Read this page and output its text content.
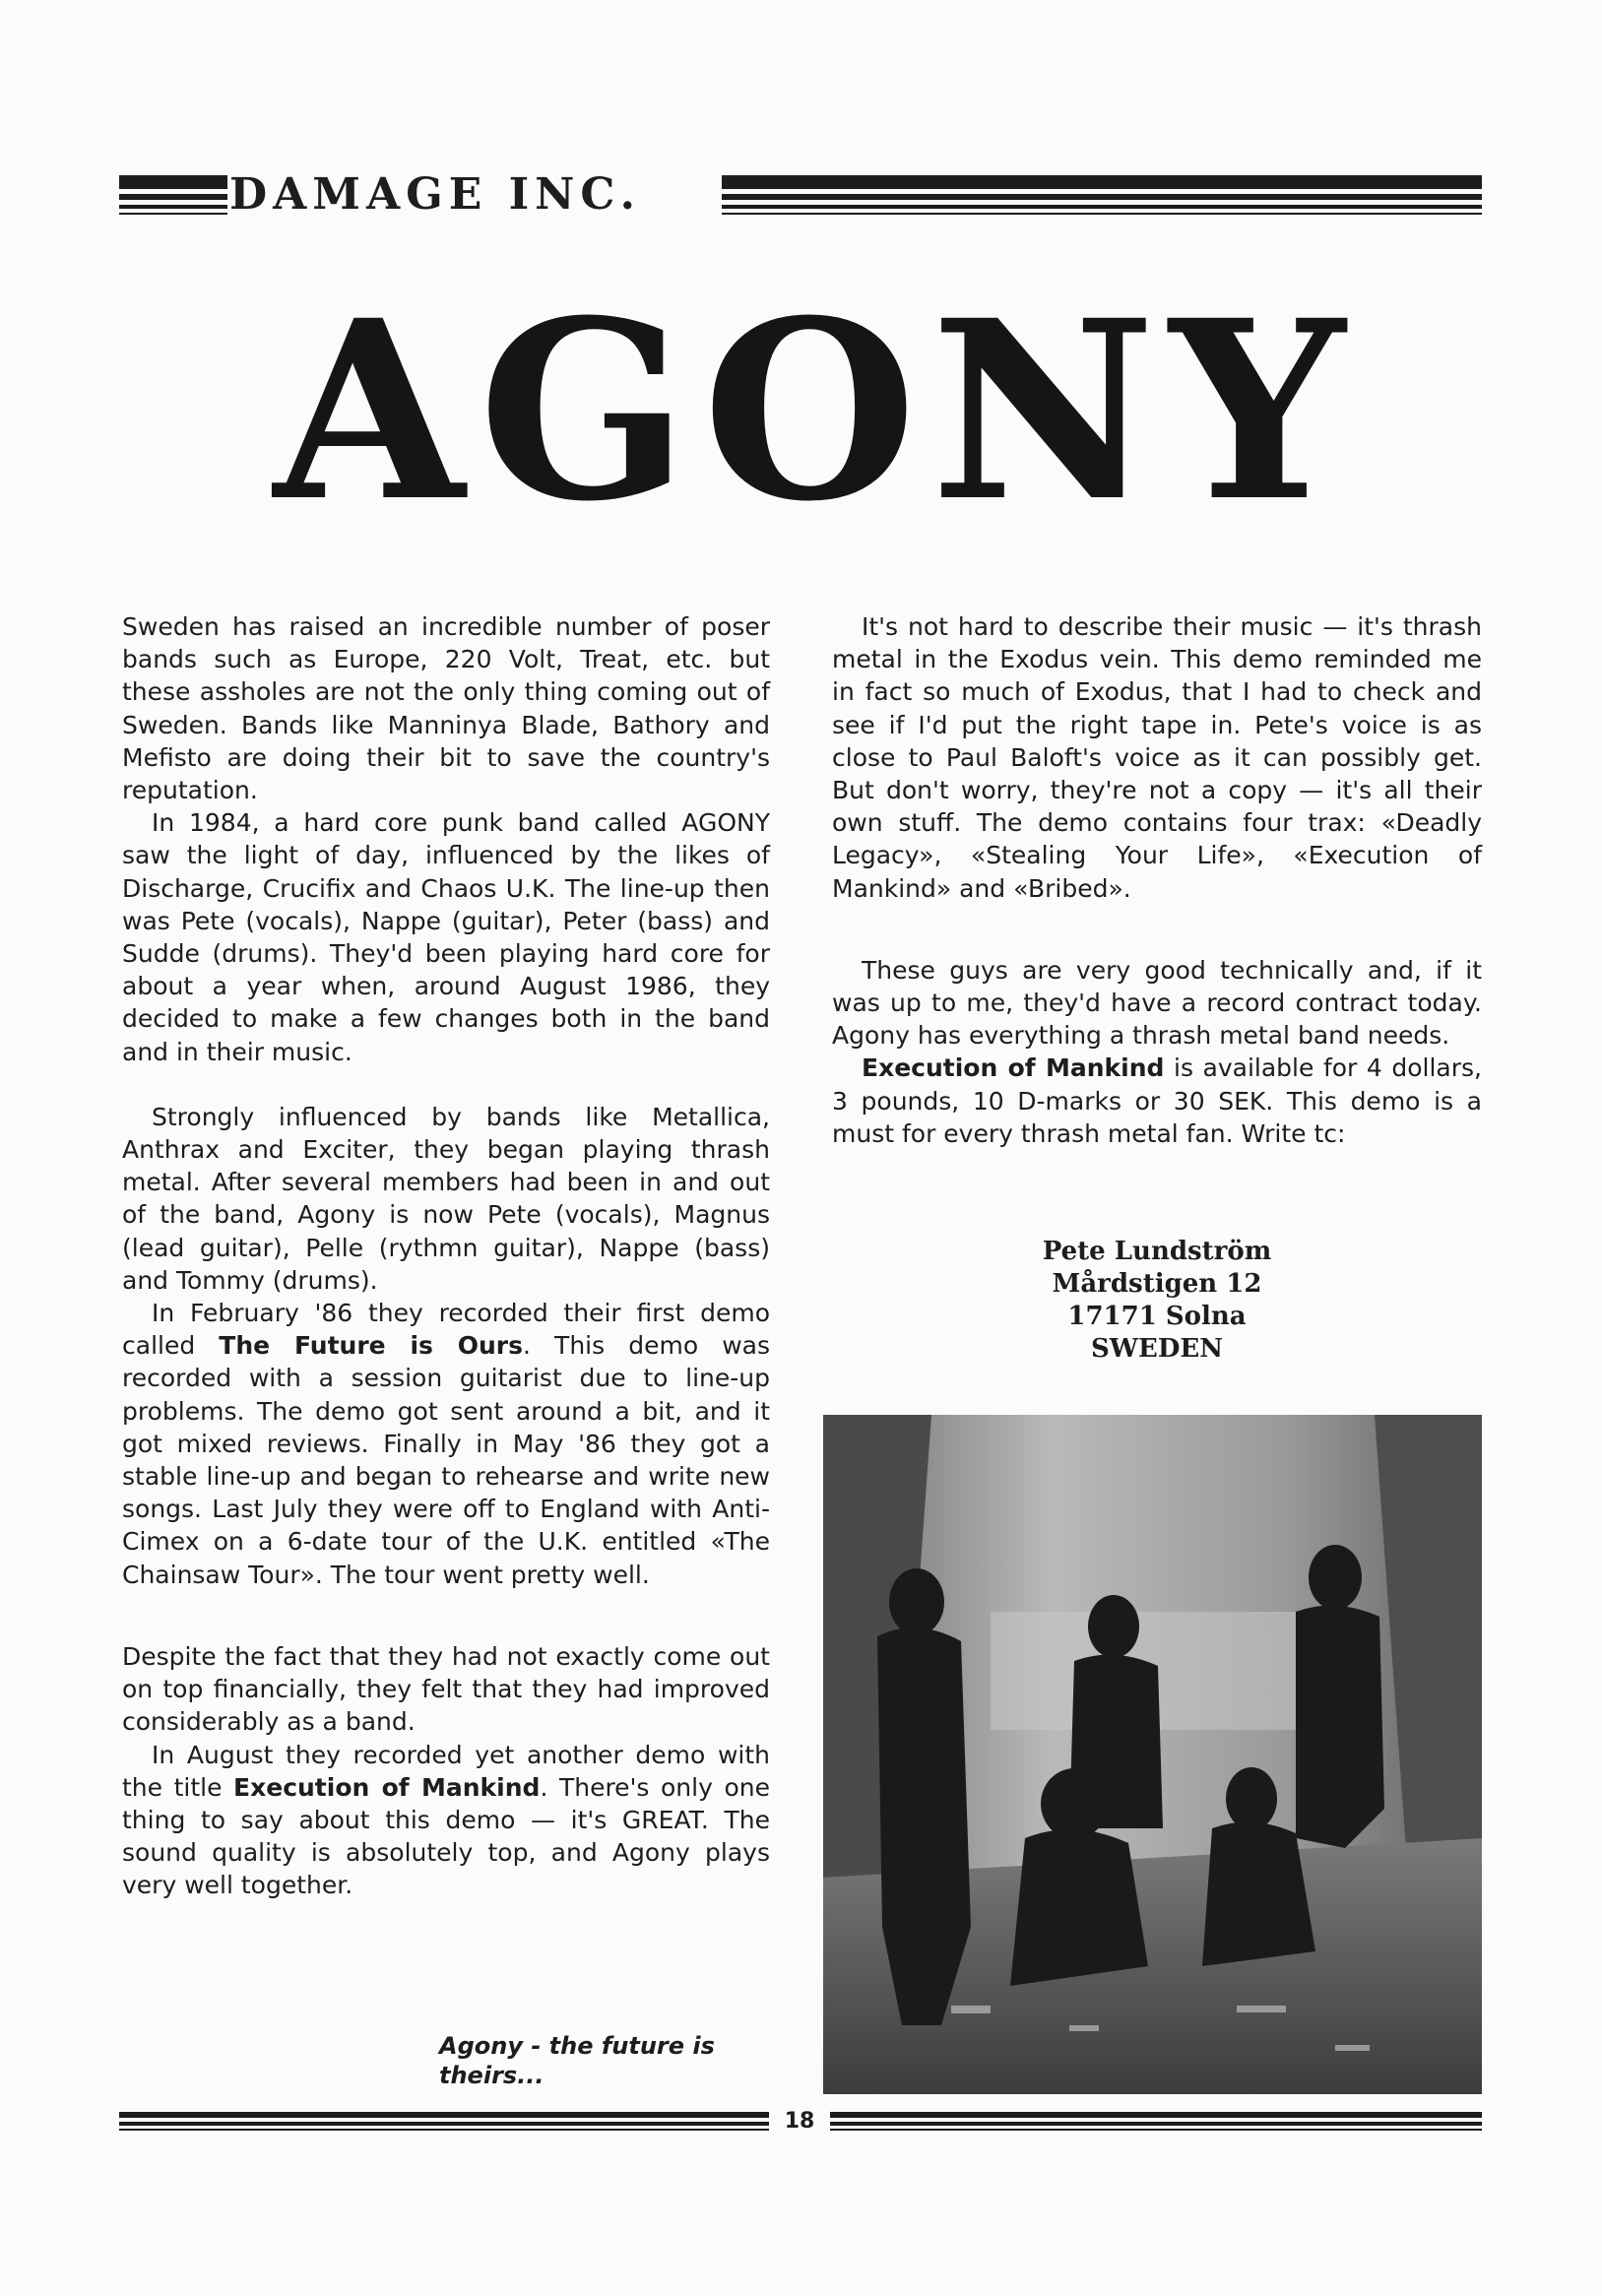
DAMAGE INC.
AGONY

Sweden has raised an incredible number of poser bands such as Europe, 220 Volt, Treat, etc. but these assholes are not the only thing coming out of Sweden. Bands like Manninya Blade, Bathory and Mefisto are doing their bit to save the country's reputation.

In 1984, a hard core punk band called AGONY saw the light of day, influenced by the likes of Discharge, Crucifix and Chaos U.K. The line-up then was Pete (vocals), Nappe (guitar), Peter (bass) and Sudde (drums). They'd been playing hard core for about a year when, around August 1986, they decided to make a few changes both in the band and in their music.

Strongly influenced by bands like Metallica, Anthrax and Exciter, they began playing thrash metal. After several members had been in and out of the band, Agony is now Pete (vocals), Magnus (lead guitar), Pelle (rythmn guitar), Nappe (bass) and Tommy (drums).

In February '86 they recorded their first demo called The Future is Ours. This demo was recorded with a session guitarist due to line-up problems. The demo got sent around a bit, and it got mixed reviews. Finally in May '86 they got a stable line-up and began to rehearse and write new songs. Last July they were off to England with Anti-Cimex on a 6-date tour of the U.K. entitled «The Chainsaw Tour». The tour went pretty well.

Despite the fact that they had not exactly come out on top financially, they felt that they had improved considerably as a band.

In August they recorded yet another demo with the title Execution of Mankind. There's only one thing to say about this demo — it's GREAT. The sound quality is absolutely top, and Agony plays very well together.

It's not hard to describe their music — it's thrash metal in the Exodus vein. This demo reminded me in fact so much of Exodus, that I had to check and see if I'd put the right tape in. Pete's voice is as close to Paul Baloft's voice as it can possibly get. But don't worry, they're not a copy — it's all their own stuff. The demo contains four trax: «Deadly Legacy», «Stealing Your Life», «Execution of Mankind» and «Bribed».

These guys are very good technically and, if it was up to me, they'd have a record contract today. Agony has everything a thrash metal band needs.

Execution of Mankind is available for 4 dollars, 3 pounds, 10 D-marks or 30 SEK. This demo is a must for every thrash metal fan. Write tc:

Pete Lundström
Mårdstigen 12
17171 Solna
SWEDEN
Agony - the future is theirs...
18
